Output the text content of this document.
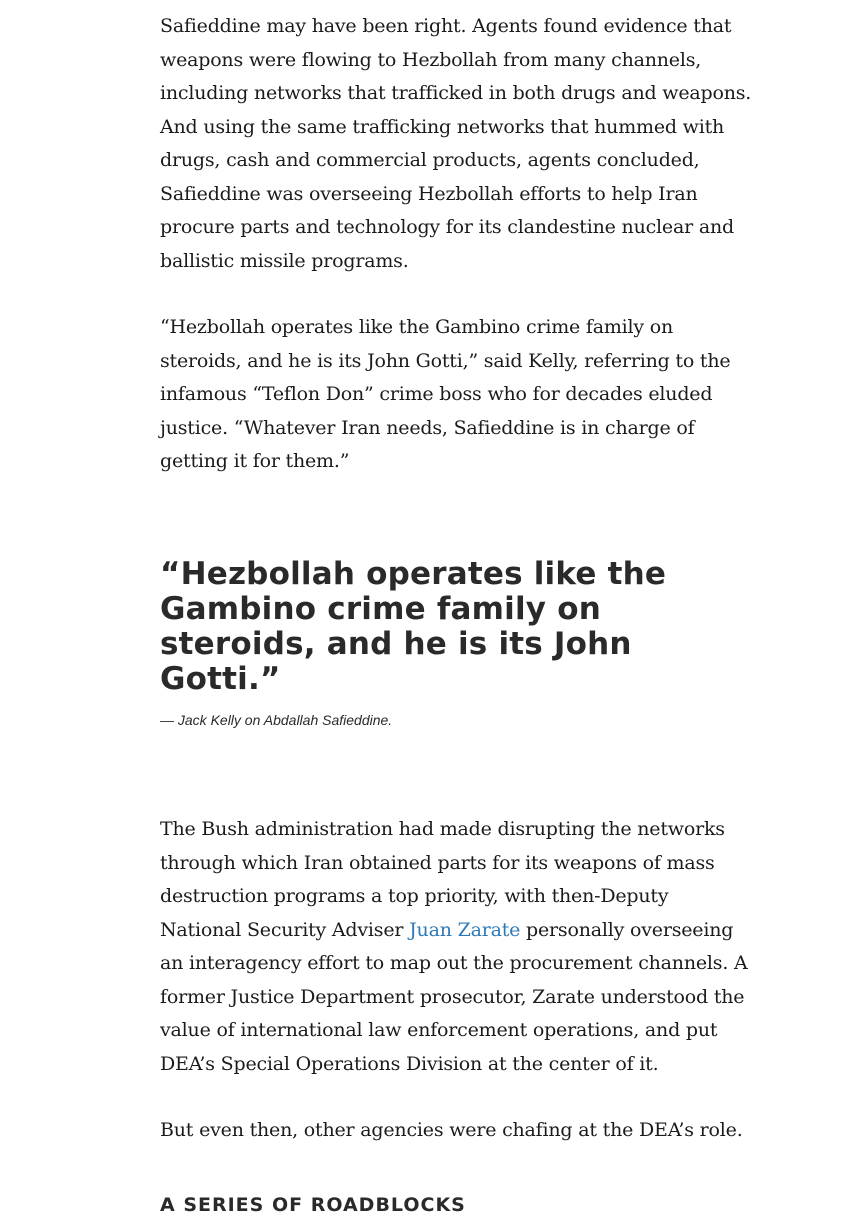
Safieddine may have been right. Agents found evidence that
weapons were flowing to Hezbollah from many channels,
including networks that trafficked in both drugs and weapons.
And using the same trafficking networks that hummed with
drugs, cash and commercial products, agents concluded,
Safieddine was overseeing Hezbollah efforts to help Iran
procure parts and technology for its clandestine nuclear and
ballistic missile programs.

“Hezbollah operates like the Gambino crime family on
steroids, and he is its John Gotti,” said Kelly, referring to the
infamous “Teflon Don” crime boss who for decades eluded
justice. “Whatever Iran needs, Safieddine is in charge of
getting it for them.”

“Hezbollah operates like the
Gambino crime family on
steroids, and he is its John
Gotti.”
— Jack Kelly on Abdallah Safieddine.

The Bush administration had made disrupting the networks
through which Iran obtained parts for its weapons of mass
destruction programs a top priority, with then-Deputy
National Security Adviser Juan Zarate personally overseeing
an interagency effort to map out the procurement channels. A
former Justice Department prosecutor, Zarate understood the
value of international law enforcement operations, and put
DEA’s Special Operations Division at the center of it.

But even then, other agencies were chafing at the DEA’s role.

A SERIES OF ROADBLOCKS
